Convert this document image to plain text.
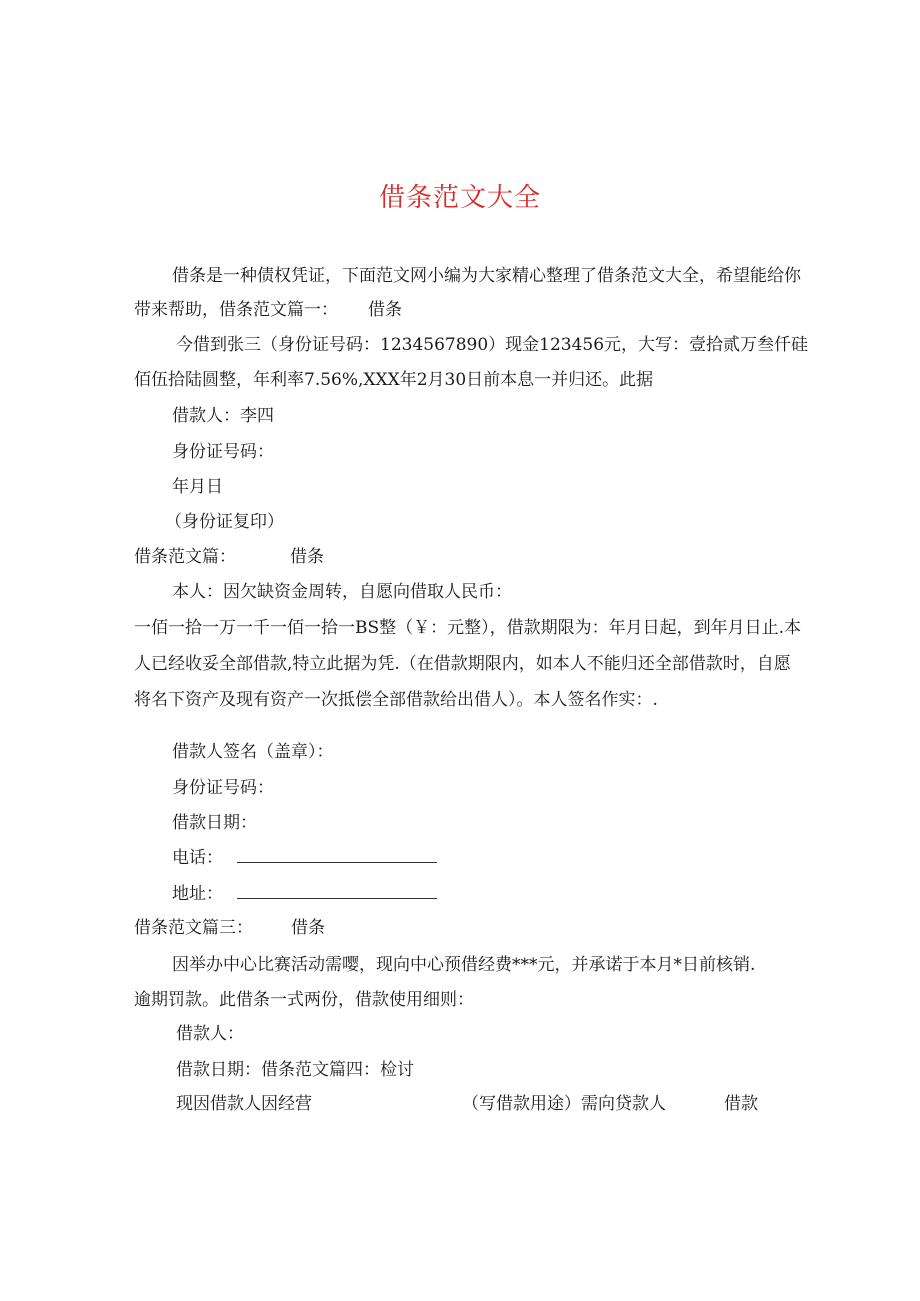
借条范文大全
借条是一种债权凭证，下面范文网小编为大家精心整理了借条范文大全，希望能给你
带来帮助，借条范文篇一： 借条
今借到张三（身份证号码：1234567890）现金123456元，大写：壹拾贰万叁仟硅
佰伍拾陆圆整，年利率7.56%,XXX年2月30日前本息一并归还。此据
借款人：李四
身份证号码：
年月日
（身份证复印）
借条范文篇：	借条
本人：因欠缺资金周转，自愿向借取人民币：
一佰一拾一万一千一佰一拾一BS整（￥：元整），借款期限为：年月日起，到年月日止.本
人已经收妥全部借款,特立此据为凭.（在借款期限内，如本人不能归还全部借款时，自愿
将名下资产及现有资产一次抵偿全部借款给出借人）。本人签名作实：.
借款人签名（盖章）：
身份证号码：
借款日期：
电话：
地址：
借条范文篇三： 借条
因举办中心比赛活动需嘤，现向中心预借经费***元，并承诺于本月*日前核销.
逾期罚款。此借条一式两份，借款使用细则：
借款人：
借款日期：借条范文篇四：检讨
现因借款人因经营	（写借款用途）需向贷款人	借款
